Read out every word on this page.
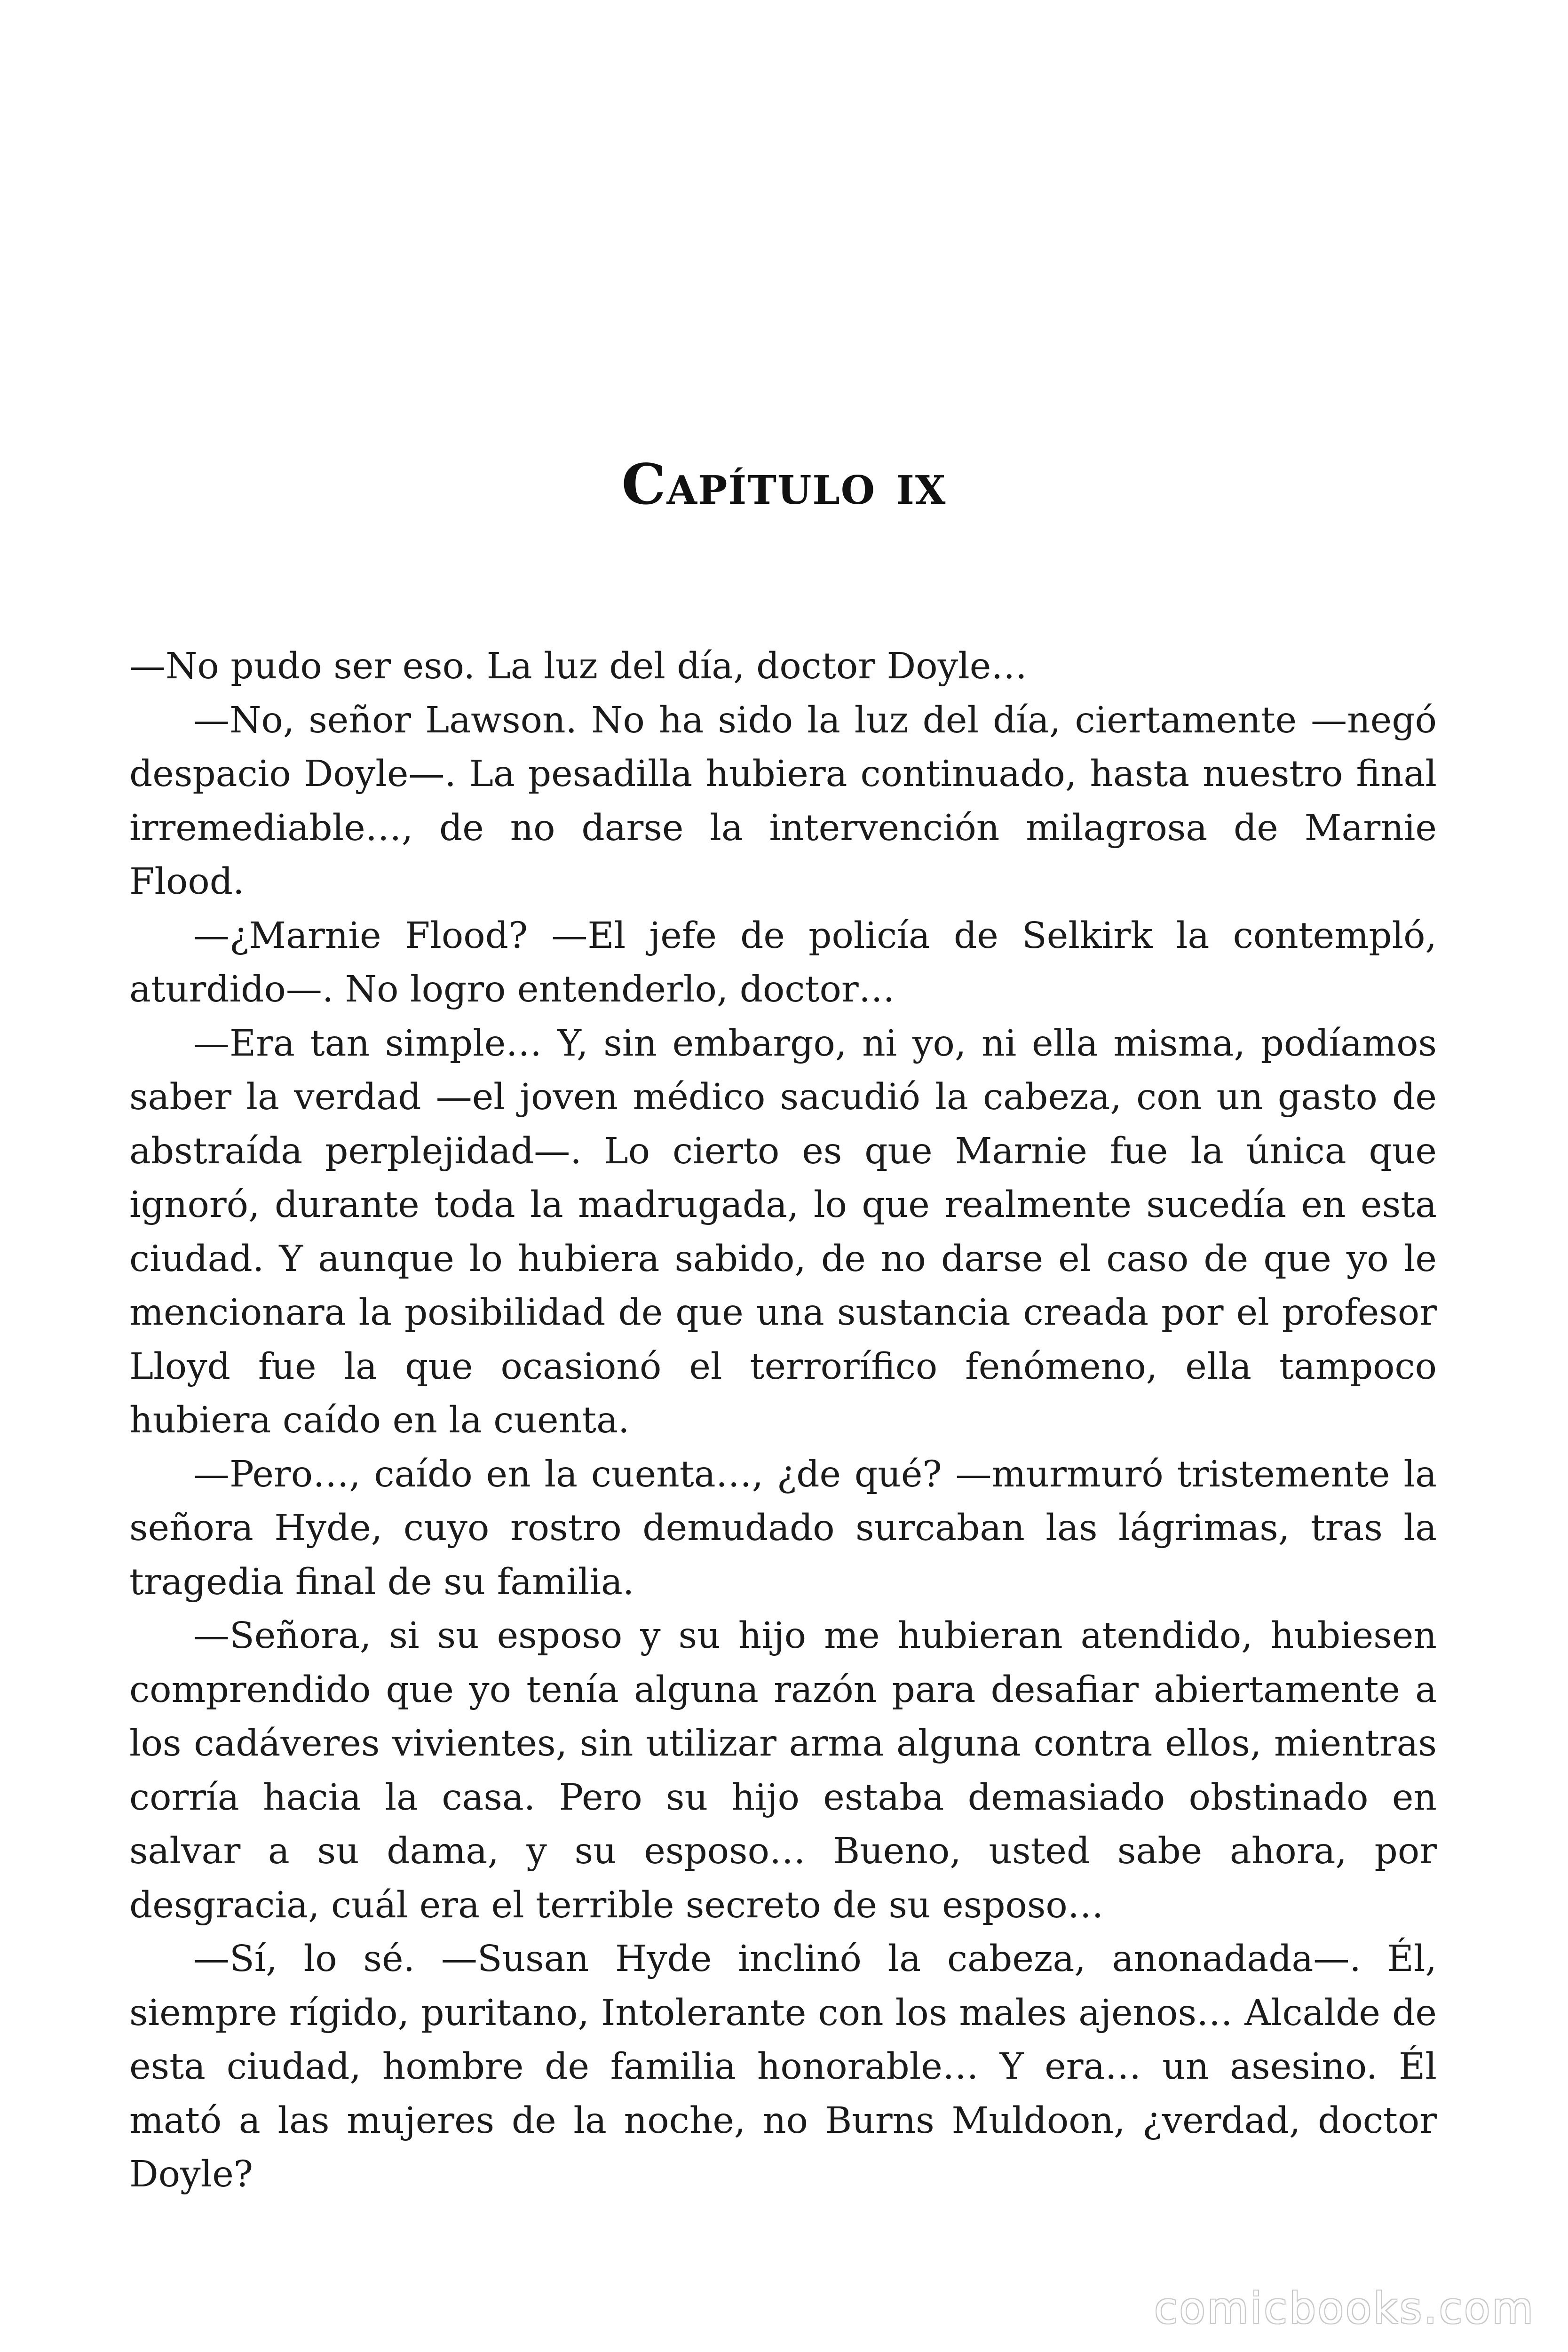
Capítulo ix

—No pudo ser eso. La luz del día, doctor Doyle…

—No, señor Lawson. No ha sido la luz del día, ciertamente —negó despacio Doyle—. La pesadilla hubiera continuado, hasta nuestro final irremediable…, de no darse la intervención milagrosa de Marnie Flood.

—¿Marnie Flood? —El jefe de policía de Selkirk la contempló, aturdido—. No logro entenderlo, doctor…

—Era tan simple… Y, sin embargo, ni yo, ni ella misma, podíamos saber la verdad —el joven médico sacudió la cabeza, con un gasto de abstraída perplejidad—. Lo cierto es que Marnie fue la única que ignoró, durante toda la madrugada, lo que realmente sucedía en esta ciudad. Y aunque lo hubiera sabido, de no darse el caso de que yo le mencionara la posibilidad de que una sustancia creada por el profesor Lloyd fue la que ocasionó el terrorífico fenómeno, ella tampoco hubiera caído en la cuenta.

—Pero…, caído en la cuenta…, ¿de qué? —murmuró tristemente la señora Hyde, cuyo rostro demudado surcaban las lágrimas, tras la tragedia final de su familia.

—Señora, si su esposo y su hijo me hubieran atendido, hubiesen comprendido que yo tenía alguna razón para desafiar abiertamente a los cadáveres vivientes, sin utilizar arma alguna contra ellos, mientras corría hacia la casa. Pero su hijo estaba demasiado obstinado en salvar a su dama, y su esposo… Bueno, usted sabe ahora, por desgracia, cuál era el terrible secreto de su esposo…

—Sí, lo sé. —Susan Hyde inclinó la cabeza, anonadada—. Él, siempre rígido, puritano, Intolerante con los males ajenos… Alcalde de esta ciudad, hombre de familia honorable… Y era… un asesino. Él mató a las mujeres de la noche, no Burns Muldoon, ¿verdad, doctor Doyle?

comicbooks.com
